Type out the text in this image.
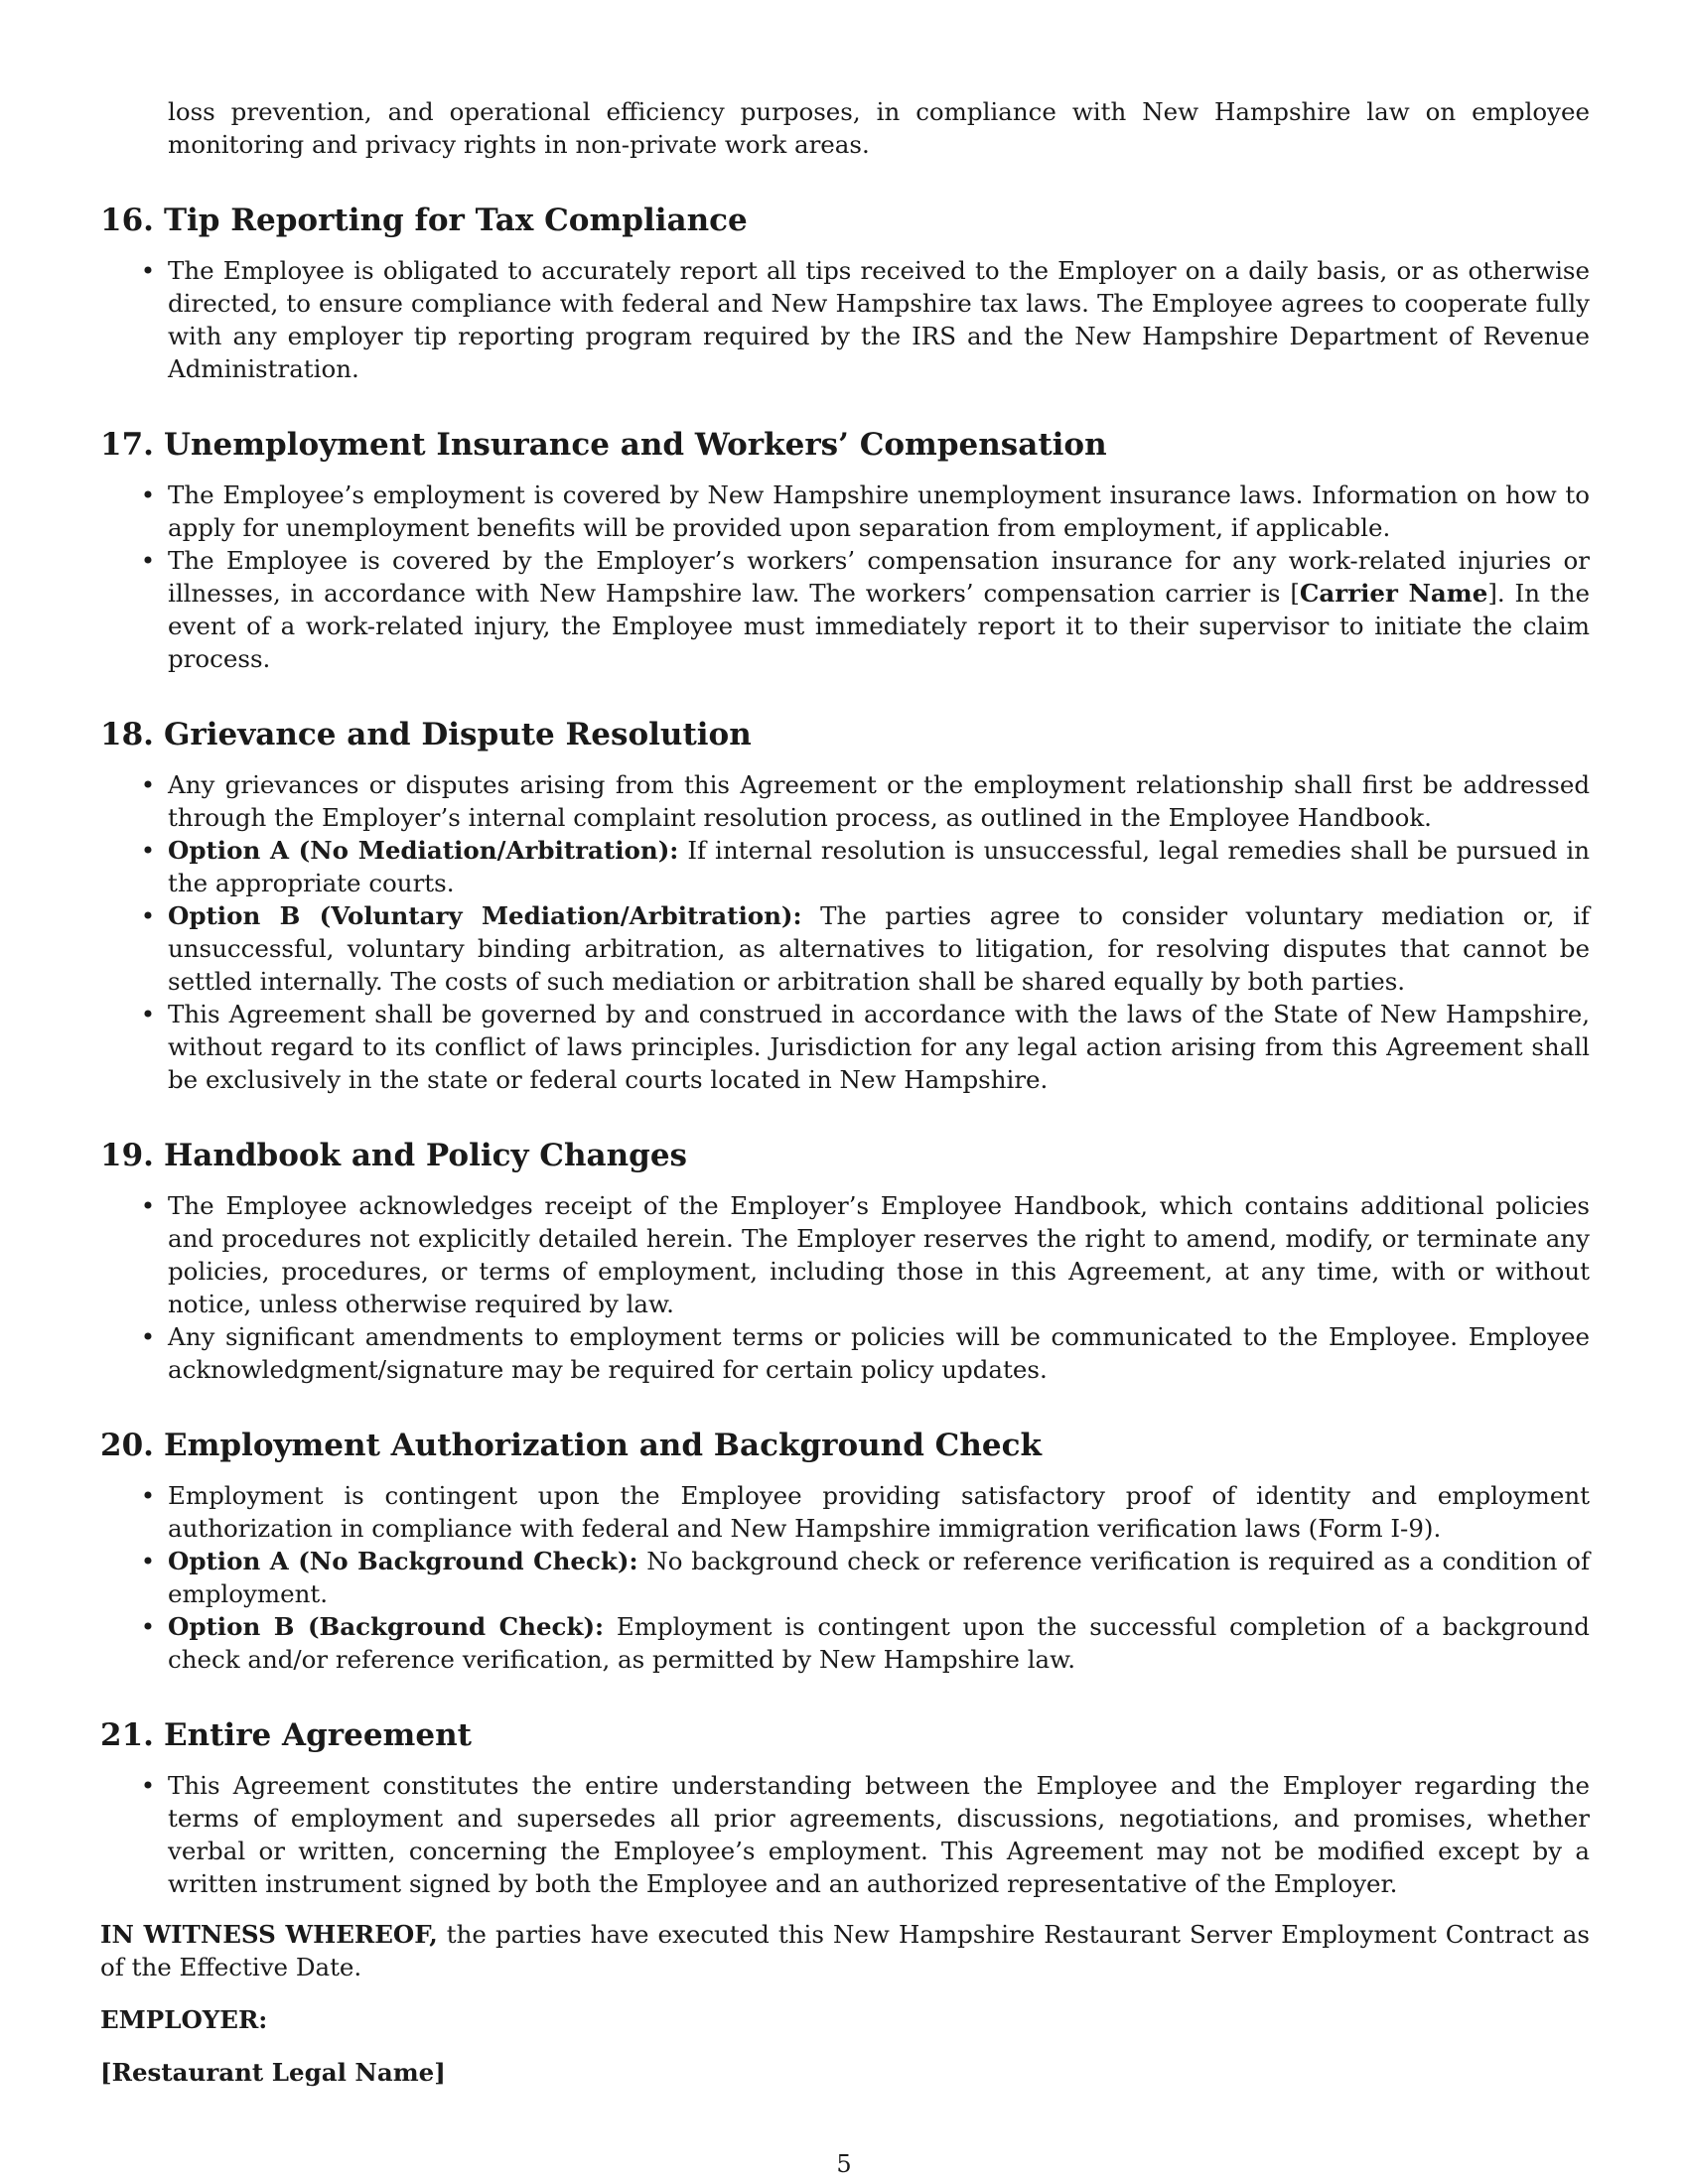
loss prevention, and operational efficiency purposes, in compliance with New Hampshire law on employee monitoring and privacy rights in non-private work areas.

16. Tip Reporting for Tax Compliance
• The Employee is obligated to accurately report all tips received to the Employer on a daily basis, or as otherwise directed, to ensure compliance with federal and New Hampshire tax laws. The Employee agrees to cooperate fully with any employer tip reporting program required by the IRS and the New Hampshire Department of Revenue Administration.
17. Unemployment Insurance and Workers’ Compensation
• The Employee’s employment is covered by New Hampshire unemployment insurance laws. Information on how to apply for unemployment benefits will be provided upon separation from employment, if applicable.
• The Employee is covered by the Employer’s workers’ compensation insurance for any work-related injuries or illnesses, in accordance with New Hampshire law. The workers’ compensation carrier is [Carrier Name]. In the event of a work-related injury, the Employee must immediately report it to their supervisor to initiate the claim process.
18. Grievance and Dispute Resolution
• Any grievances or disputes arising from this Agreement or the employment relationship shall first be addressed through the Employer’s internal complaint resolution process, as outlined in the Employee Handbook.
• Option A (No Mediation/Arbitration): If internal resolution is unsuccessful, legal remedies shall be pursued in the appropriate courts.
• Option B (Voluntary Mediation/Arbitration): The parties agree to consider voluntary mediation or, if unsuccessful, voluntary binding arbitration, as alternatives to litigation, for resolving disputes that cannot be settled internally. The costs of such mediation or arbitration shall be shared equally by both parties.
• This Agreement shall be governed by and construed in accordance with the laws of the State of New Hampshire, without regard to its conflict of laws principles. Jurisdiction for any legal action arising from this Agreement shall be exclusively in the state or federal courts located in New Hampshire.
19. Handbook and Policy Changes
• The Employee acknowledges receipt of the Employer’s Employee Handbook, which contains additional policies and procedures not explicitly detailed herein. The Employer reserves the right to amend, modify, or terminate any policies, procedures, or terms of employment, including those in this Agreement, at any time, with or without notice, unless otherwise required by law.
• Any significant amendments to employment terms or policies will be communicated to the Employee. Employee acknowledgment/signature may be required for certain policy updates.
20. Employment Authorization and Background Check
• Employment is contingent upon the Employee providing satisfactory proof of identity and employment authorization in compliance with federal and New Hampshire immigration verification laws (Form I-9).
• Option A (No Background Check): No background check or reference verification is required as a condition of employment.
• Option B (Background Check): Employment is contingent upon the successful completion of a background check and/or reference verification, as permitted by New Hampshire law.
21. Entire Agreement
• This Agreement constitutes the entire understanding between the Employee and the Employer regarding the terms of employment and supersedes all prior agreements, discussions, negotiations, and promises, whether verbal or written, concerning the Employee’s employment. This Agreement may not be modified except by a written instrument signed by both the Employee and an authorized representative of the Employer.

IN WITNESS WHEREOF, the parties have executed this New Hampshire Restaurant Server Employment Contract as of the Effective Date.

EMPLOYER:

[Restaurant Legal Name]

5
